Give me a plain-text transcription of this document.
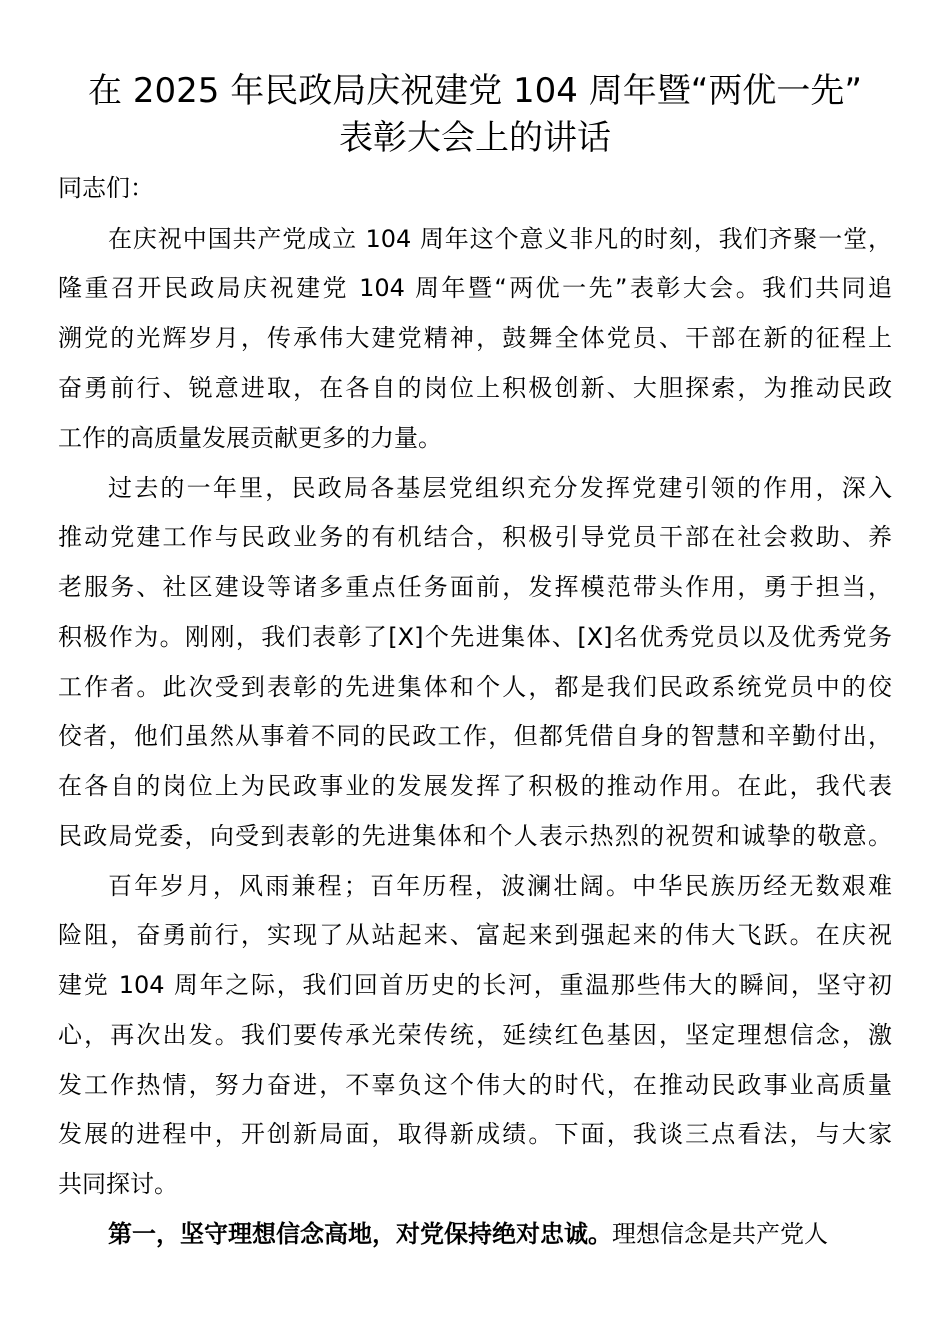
在 2025 年民政局庆祝建党 104 周年暨“两优一先”
表彰大会上的讲话
同志们：
在庆祝中国共产党成立 104 周年这个意义非凡的时刻，我们齐聚一堂，
隆重召开民政局庆祝建党 104 周年暨“两优一先”表彰大会。我们共同追
溯党的光辉岁月，传承伟大建党精神，鼓舞全体党员、干部在新的征程上
奋勇前行、锐意进取，在各自的岗位上积极创新、大胆探索，为推动民政
工作的高质量发展贡献更多的力量。
过去的一年里，民政局各基层党组织充分发挥党建引领的作用，深入
推动党建工作与民政业务的有机结合，积极引导党员干部在社会救助、养
老服务、社区建设等诸多重点任务面前，发挥模范带头作用，勇于担当，
积极作为。刚刚，我们表彰了[X]个先进集体、[X]名优秀党员以及优秀党务
工作者。此次受到表彰的先进集体和个人，都是我们民政系统党员中的佼
佼者，他们虽然从事着不同的民政工作，但都凭借自身的智慧和辛勤付出，
在各自的岗位上为民政事业的发展发挥了积极的推动作用。在此，我代表
民政局党委，向受到表彰的先进集体和个人表示热烈的祝贺和诚挚的敬意。
百年岁月，风雨兼程；百年历程，波澜壮阔。中华民族历经无数艰难
险阻，奋勇前行，实现了从站起来、富起来到强起来的伟大飞跃。在庆祝
建党 104 周年之际，我们回首历史的长河，重温那些伟大的瞬间，坚守初
心，再次出发。我们要传承光荣传统，延续红色基因，坚定理想信念，激
发工作热情，努力奋进，不辜负这个伟大的时代，在推动民政事业高质量
发展的进程中，开创新局面，取得新成绩。下面，我谈三点看法，与大家
共同探讨。
第一，坚守理想信念高地，对党保持绝对忠诚。理想信念是共产党人
